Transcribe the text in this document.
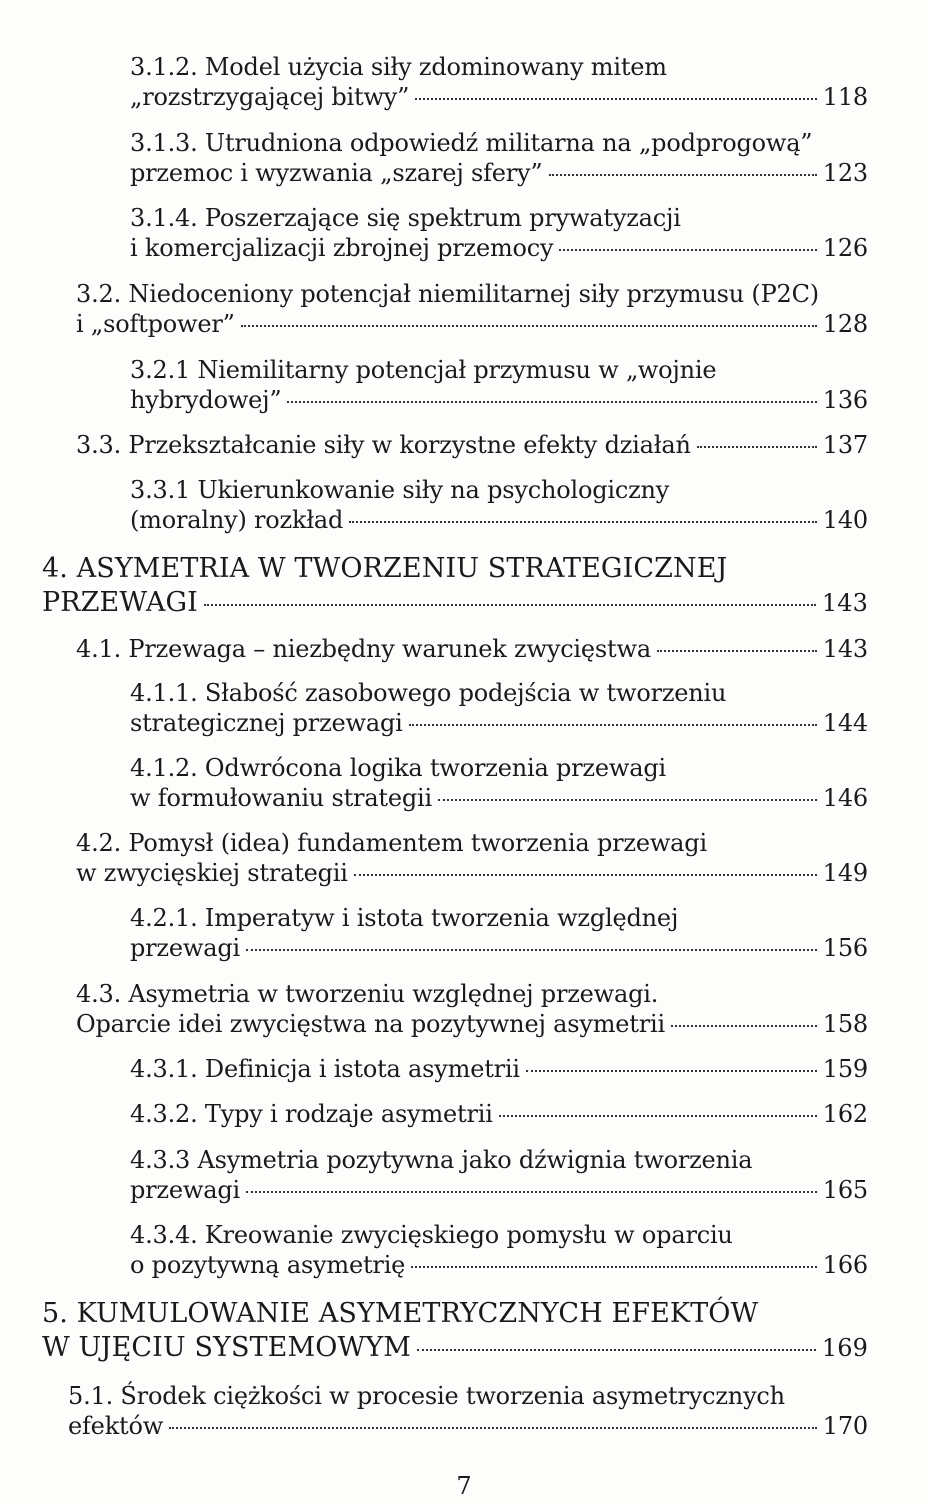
3.1.2. Model użycia siły zdominowany mitem
„rozstrzygającej bitwy”	118
3.1.3. Utrudniona odpowiedź militarna na „podprogową”
przemoc i wyzwania „szarej sfery”	123
3.1.4. Poszerzające się spektrum prywatyzacji
i komercjalizacji zbrojnej przemocy	126
3.2. Niedoceniony potencjał niemilitarnej siły przymusu (P2C)
i „softpower”	128
3.2.1 Niemilitarny potencjał przymusu w „wojnie
hybrydowej”	136
3.3. Przekształcanie siły w korzystne efekty działań	137
3.3.1 Ukierunkowanie siły na psychologiczny
(moralny) rozkład	140
4. ASYMETRIA W TWORZENIU STRATEGICZNEJ
PRZEWAGI	143
4.1. Przewaga – niezbędny warunek zwycięstwa	143
4.1.1. Słabość zasobowego podejścia w tworzeniu
strategicznej przewagi	144
4.1.2. Odwrócona logika tworzenia przewagi
w formułowaniu strategii	146
4.2. Pomysł (idea) fundamentem tworzenia przewagi
w zwycięskiej strategii	149
4.2.1. Imperatyw i istota tworzenia względnej
przewagi	156
4.3. Asymetria w tworzeniu względnej przewagi.
Oparcie idei zwycięstwa na pozytywnej asymetrii	158
4.3.1. Definicja i istota asymetrii	159
4.3.2. Typy i rodzaje asymetrii	162
4.3.3 Asymetria pozytywna jako dźwignia tworzenia
przewagi	165
4.3.4. Kreowanie zwycięskiego pomysłu w oparciu
o pozytywną asymetrię	166
5. KUMULOWANIE ASYMETRYCZNYCH EFEKTÓW
W UJĘCIU SYSTEMOWYM	169
5.1. Środek ciężkości w procesie tworzenia asymetrycznych
efektów	170
7
